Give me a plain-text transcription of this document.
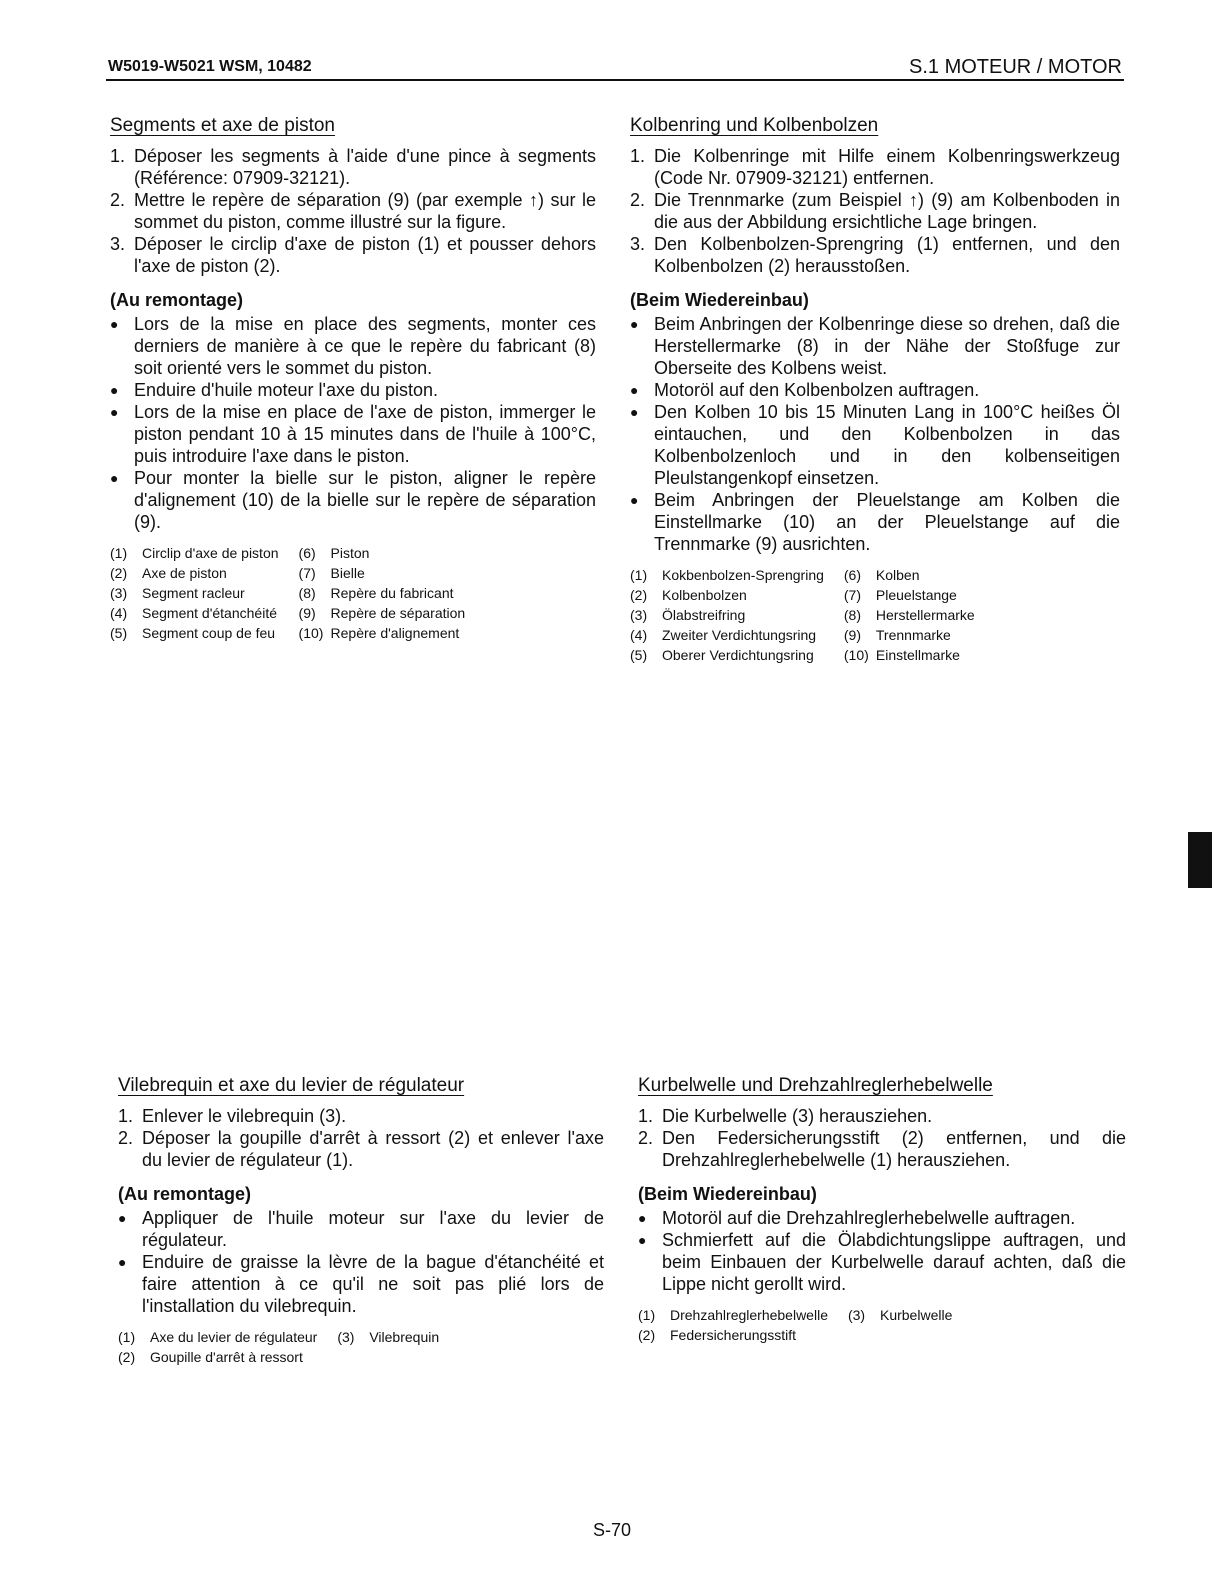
W5019-W5021 WSM, 10482	S.1 MOTEUR / MOTOR
Segments et axe de piston
1. Déposer les segments à l'aide d'une pince à segments (Référence: 07909-32121).
2. Mettre le repère de séparation (9) (par exemple ↑) sur le sommet du piston, comme illustré sur la figure.
3. Déposer le circlip d'axe de piston (1) et pousser dehors l'axe de piston (2).
(Au remontage)
● Lors de la mise en place des segments, monter ces derniers de manière à ce que le repère du fabricant (8) soit orienté vers le sommet du piston.
● Enduire d'huile moteur l'axe du piston.
● Lors de la mise en place de l'axe de piston, immerger le piston pendant 10 à 15 minutes dans de l'huile à 100°C, puis introduire l'axe dans le piston.
● Pour monter la bielle sur le piston, aligner le repère d'alignement (10) de la bielle sur le repère de séparation (9).
(1)	Circlip d'axe de piston	(6)	Piston
(2)	Axe de piston	(7)	Bielle
(3)	Segment racleur	(8)	Repère du fabricant
(4)	Segment d'étanchéité	(9)	Repère de séparation
(5)	Segment coup de feu	(10)	Repère d'alignement
Kolbenring und Kolbenbolzen
1. Die Kolbenringe mit Hilfe einem Kolbenringswerkzeug (Code Nr. 07909-32121) entfernen.
2. Die Trennmarke (zum Beispiel ↑) (9) am Kolbenboden in die aus der Abbildung ersichtliche Lage bringen.
3. Den Kolbenbolzen-Sprengring (1) entfernen, und den Kolbenbolzen (2) herausstoßen.
(Beim Wiedereinbau)
● Beim Anbringen der Kolbenringe diese so drehen, daß die Herstellermarke (8) in der Nähe der Stoßfuge zur Oberseite des Kolbens weist.
● Motoröl auf den Kolbenbolzen auftragen.
● Den Kolben 10 bis 15 Minuten Lang in 100°C heißes Öl eintauchen, und den Kolbenbolzen in das Kolbenbolzenloch und in den kolbenseitigen Pleulstangenkopf einsetzen.
● Beim Anbringen der Pleuelstange am Kolben die Einstellmarke (10) an der Pleuelstange auf die Trennmarke (9) ausrichten.
(1)	Kokbenbolzen-Sprengring	(6)	Kolben
(2)	Kolbenbolzen	(7)	Pleuelstange
(3)	Ölabstreifring	(8)	Herstellermarke
(4)	Zweiter Verdichtungsring	(9)	Trennmarke
(5)	Oberer Verdichtungsring	(10)	Einstellmarke
Vilebrequin et axe du levier de régulateur
1. Enlever le vilebrequin (3).
2. Déposer la goupille d'arrêt à ressort (2) et enlever l'axe du levier de régulateur (1).
(Au remontage)
● Appliquer de l'huile moteur sur l'axe du levier de régulateur.
● Enduire de graisse la lèvre de la bague d'étanchéité et faire attention à ce qu'il ne soit pas plié lors de l'installation du vilebrequin.
(1)	Axe du levier de régulateur	(3)	Vilebrequin
(2)	Goupille d'arrêt à ressort		
Kurbelwelle und Drehzahlreglerhebelwelle
1. Die Kurbelwelle (3) herausziehen.
2. Den Federsicherungsstift (2) entfernen, und die Drehzahlreglerhebelwelle (1) herausziehen.
(Beim Wiedereinbau)
● Motoröl auf die Drehzahlreglerhebelwelle auftragen.
● Schmierfett auf die Ölabdichtungslippe auftragen, und beim Einbauen der Kurbelwelle darauf achten, daß die Lippe nicht gerollt wird.
(1)	Drehzahlreglerhebelwelle	(3)	Kurbelwelle
(2)	Federsicherungsstift		
S-70
